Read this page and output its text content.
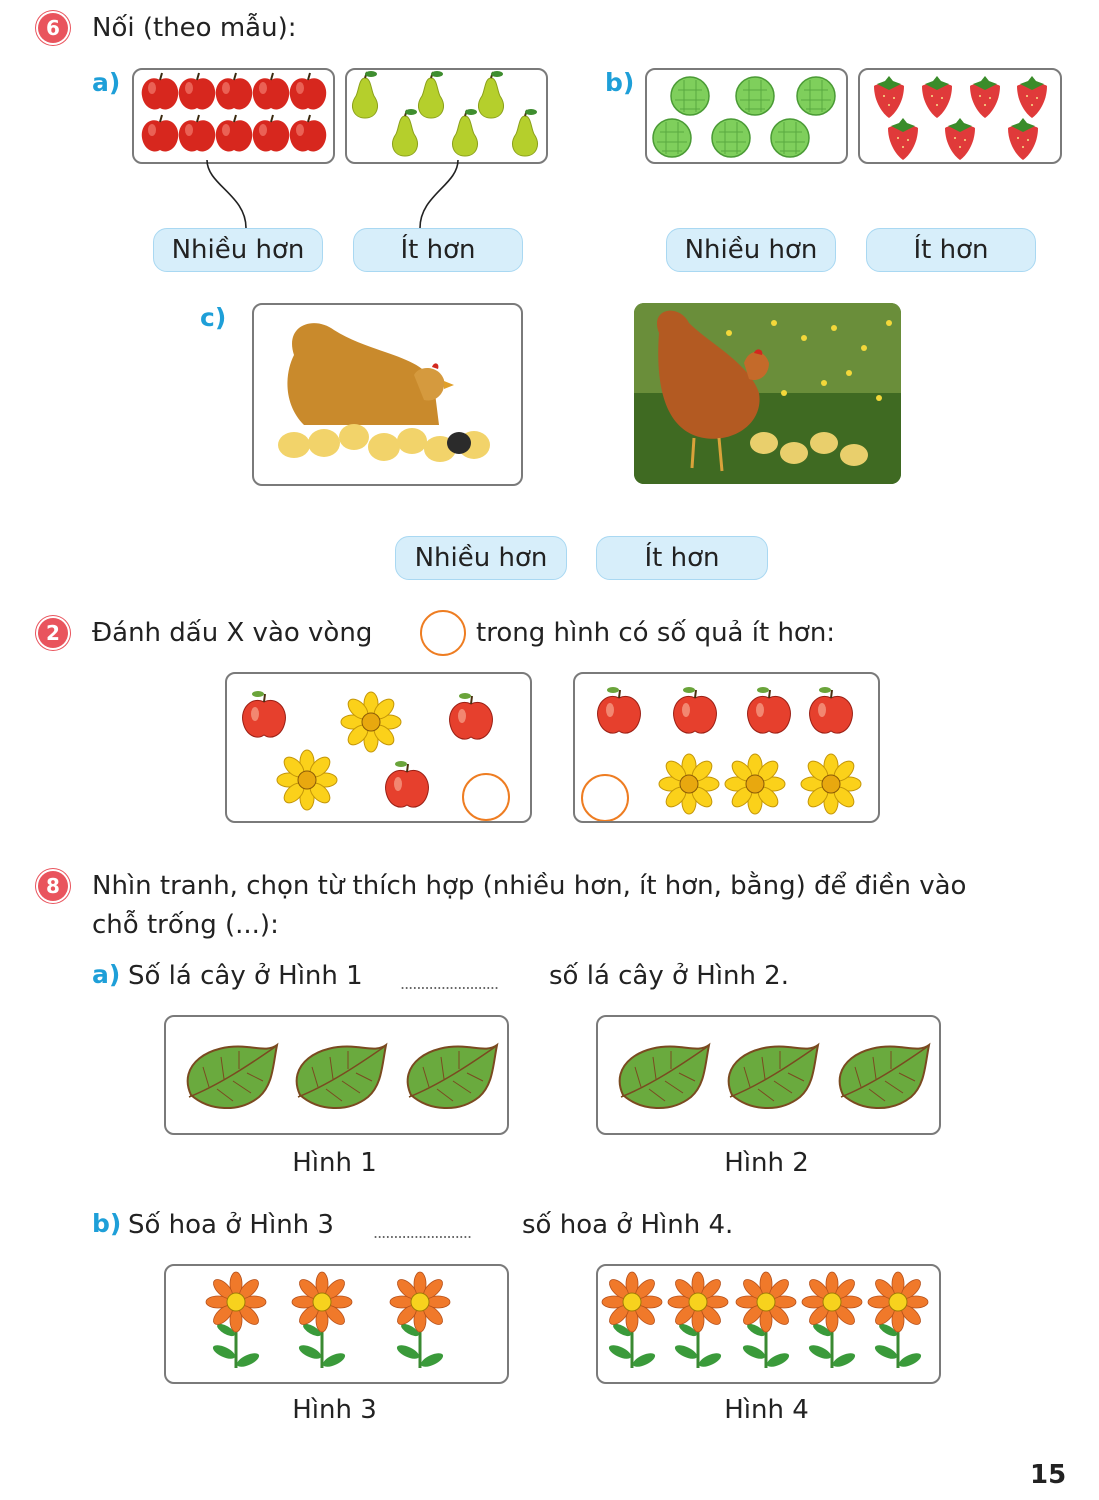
6	Nối (theo mẫu):
a)	b)
Nhiều hơn	Ít hơn	Nhiều hơn	Ít hơn
c)
Nhiều hơn	Ít hơn
2	Đánh dấu X vào vòng	trong hình có số quả ít hơn:
8	Nhìn tranh, chọn từ thích hợp (nhiều hơn, ít hơn, bằng) để điền vào
chỗ trống (...):
a) Số lá cây ở Hình 1 ........................ số lá cây ở Hình 2.
Hình 1	Hình 2
b) Số hoa ở Hình 3 ........................ số hoa ở Hình 4.
Hình 3	Hình 4
15
